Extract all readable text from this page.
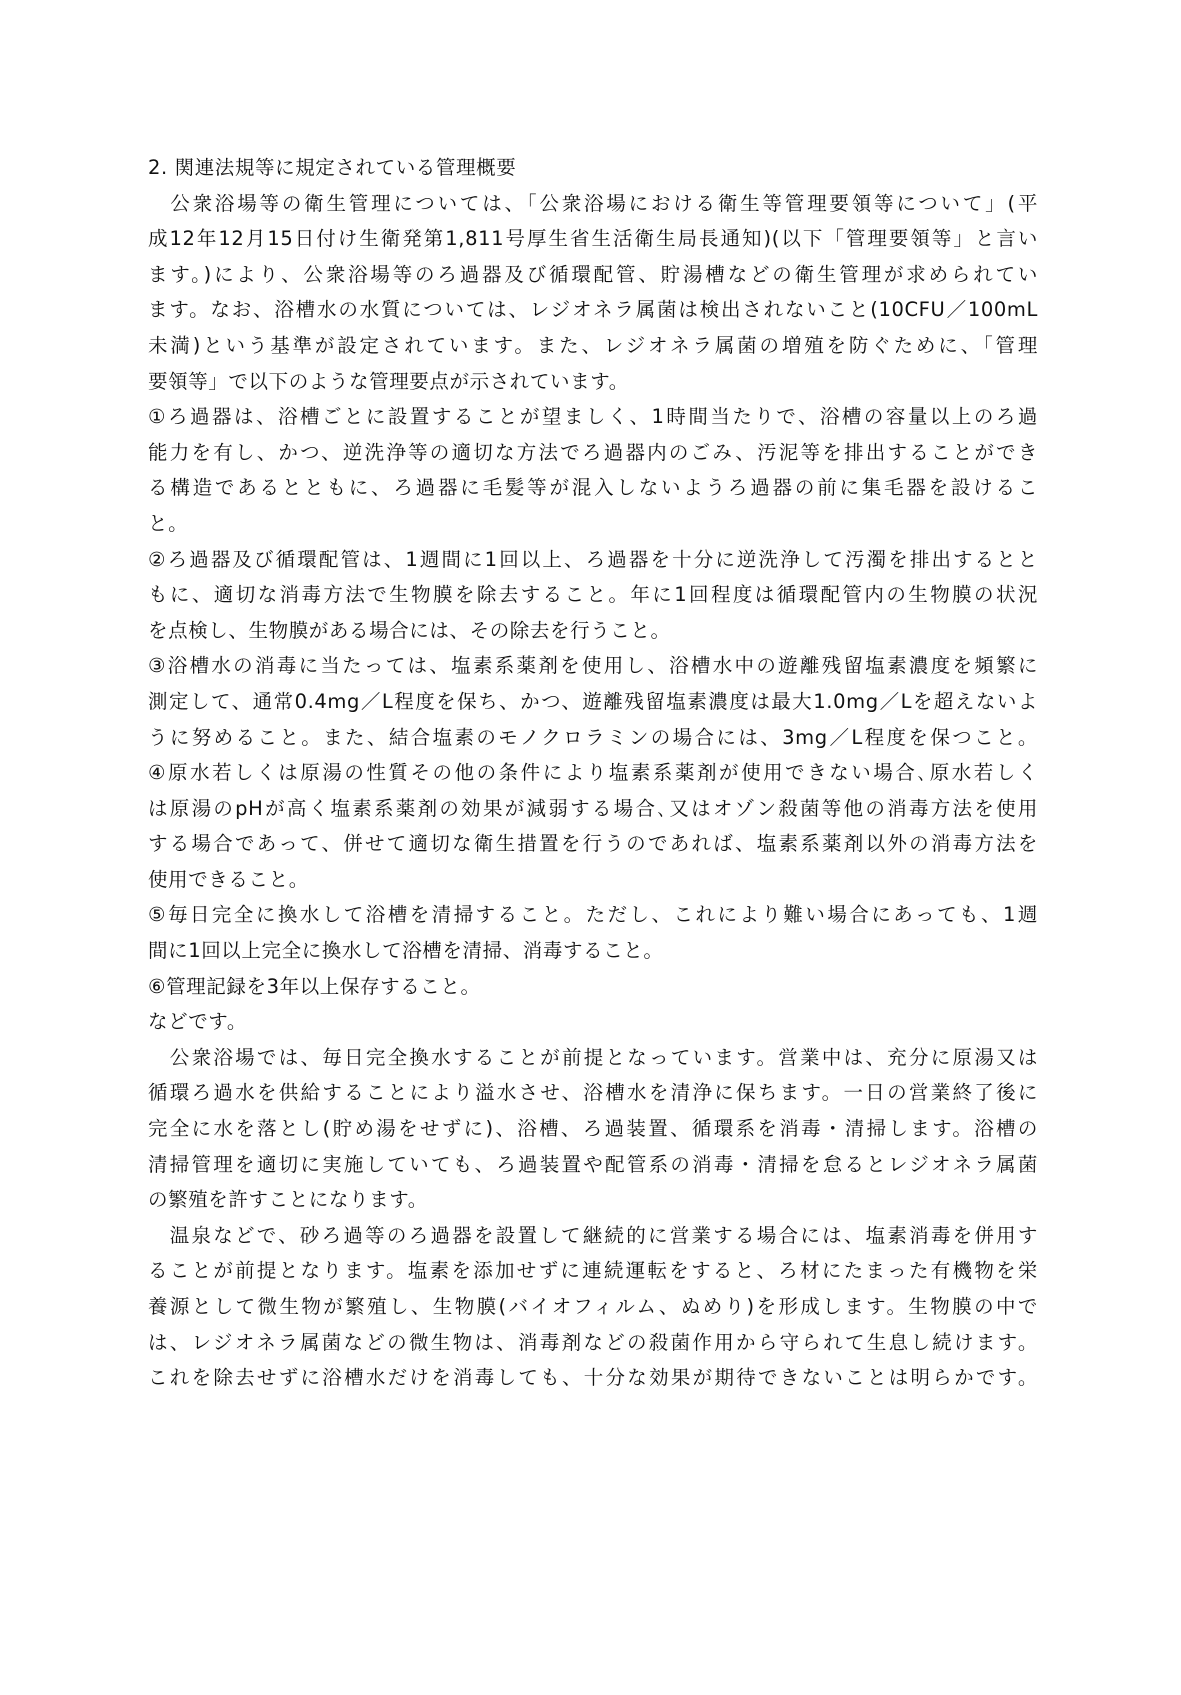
2. 関連法規等に規定されている管理概要
　公衆浴場等の衛生管理については、「公衆浴場における衛生等管理要領等について」(平
成12年12月15日付け生衛発第1,811号厚生省生活衛生局長通知)(以下「管理要領等」と言い
ます。)により、公衆浴場等のろ過器及び循環配管、貯湯槽などの衛生管理が求められてい
ます。なお、浴槽水の水質については、レジオネラ属菌は検出されないこと(10CFU／100mL
未満)という基準が設定されています。また、レジオネラ属菌の増殖を防ぐために、「管理
要領等」で以下のような管理要点が示されています。
①ろ過器は、浴槽ごとに設置することが望ましく、1時間当たりで、浴槽の容量以上のろ過
能力を有し、かつ、逆洗浄等の適切な方法でろ過器内のごみ、汚泥等を排出することができ
る構造であるとともに、ろ過器に毛髪等が混入しないようろ過器の前に集毛器を設けるこ
と。
②ろ過器及び循環配管は、1週間に1回以上、ろ過器を十分に逆洗浄して汚濁を排出するとと
もに、適切な消毒方法で生物膜を除去すること。年に1回程度は循環配管内の生物膜の状況
を点検し、生物膜がある場合には、その除去を行うこと。
③浴槽水の消毒に当たっては、塩素系薬剤を使用し、浴槽水中の遊離残留塩素濃度を頻繁に
測定して、通常0.4mg／L程度を保ち、かつ、遊離残留塩素濃度は最大1.0mg／Lを超えないよ
うに努めること。また、結合塩素のモノクロラミンの場合には、3mg／L程度を保つこと。
④原水若しくは原湯の性質その他の条件により塩素系薬剤が使用できない場合､原水若しく
は原湯のpHが高く塩素系薬剤の効果が減弱する場合､又はオゾン殺菌等他の消毒方法を使用
する場合であって、併せて適切な衛生措置を行うのであれば、塩素系薬剤以外の消毒方法を
使用できること。
⑤毎日完全に換水して浴槽を清掃すること。ただし、これにより難い場合にあっても、1週
間に1回以上完全に換水して浴槽を清掃、消毒すること。
⑥管理記録を3年以上保存すること。
などです。
　公衆浴場では、毎日完全換水することが前提となっています。営業中は、充分に原湯又は
循環ろ過水を供給することにより溢水させ、浴槽水を清浄に保ちます。一日の営業終了後に
完全に水を落とし(貯め湯をせずに)、浴槽、ろ過装置、循環系を消毒・清掃します。浴槽の
清掃管理を適切に実施していても、ろ過装置や配管系の消毒・清掃を怠るとレジオネラ属菌
の繁殖を許すことになります。
　温泉などで、砂ろ過等のろ過器を設置して継続的に営業する場合には、塩素消毒を併用す
ることが前提となります。塩素を添加せずに連続運転をすると、ろ材にたまった有機物を栄
養源として微生物が繁殖し、生物膜(バイオフィルム、ぬめり)を形成します。生物膜の中で
は、レジオネラ属菌などの微生物は、消毒剤などの殺菌作用から守られて生息し続けます。
これを除去せずに浴槽水だけを消毒しても、十分な効果が期待できないことは明らかです。
